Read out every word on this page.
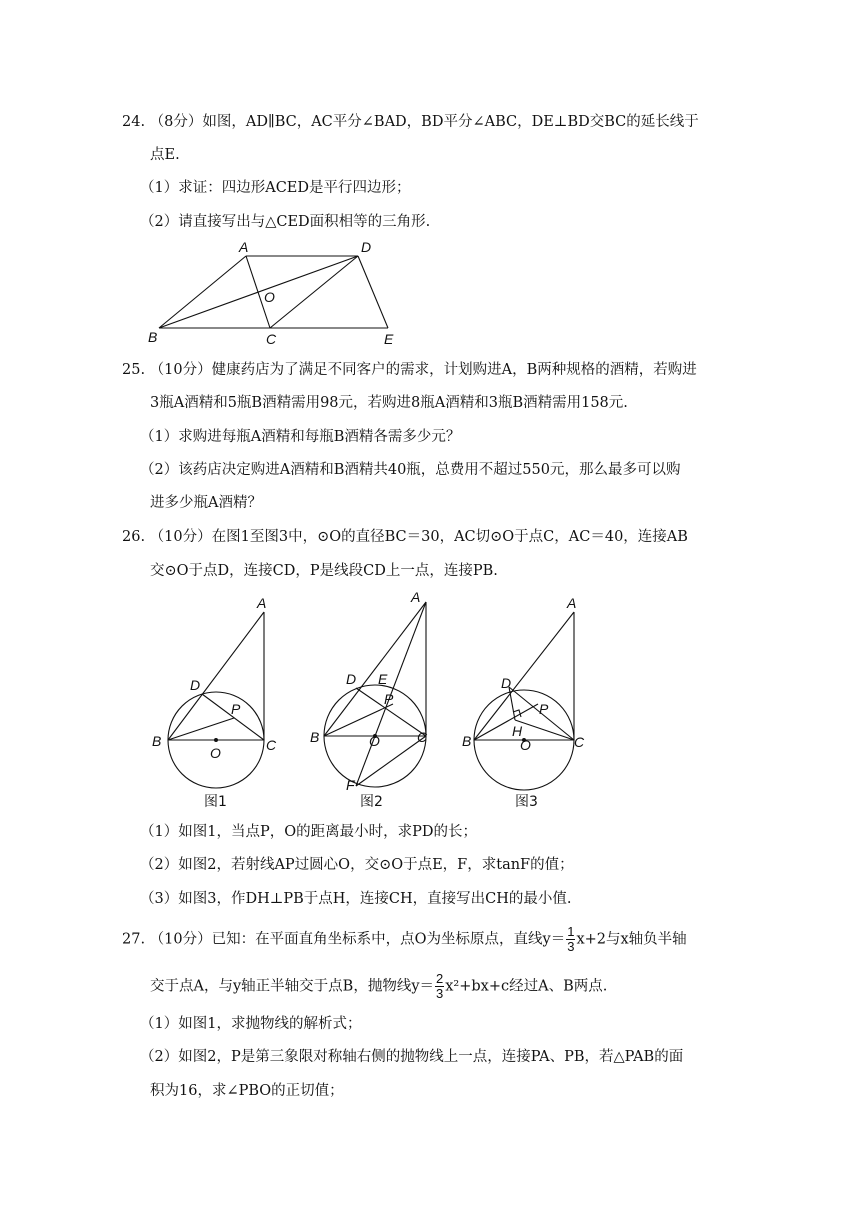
24. （8分）如图，AD∥BC，AC平分∠BAD，BD平分∠ABC，DE⊥BD交BC的延长线于
点E.
（1）求证：四边形ACED是平行四边形；
（2）请直接写出与△CED面积相等的三角形.
A	D
O
B	C	E
25. （10分）健康药店为了满足不同客户的需求，计划购进A，B两种规格的酒精，若购进
3瓶A酒精和5瓶B酒精需用98元，若购进8瓶A酒精和3瓶B酒精需用158元.
（1）求购进每瓶A酒精和每瓶B酒精各需多少元？
（2）该药店决定购进A酒精和B酒精共40瓶，总费用不超过550元，那么最多可以购
进多少瓶A酒精？
26. （10分）在图1至图3中，⊙O的直径BC＝30，AC切⊙O于点C，AC＝40，连接AB
交⊙O于点D，连接CD，P是线段CD上一点，连接PB.
A
D
P
B
O	C
图1
A
D E
P
B	O	C
F
图2
A
D
P
H
B	O	C
图3
（1）如图1，当点P，O的距离最小时，求PD的长；
（2）如图2，若射线AP过圆心O，交⊙O于点E，F，求tanF的值；
（3）如图3，作DH⊥PB于点H，连接CH，直接写出CH的最小值.
27. （10分）已知：在平面直角坐标系中，点O为坐标原点，直线$y= \frac{1}{3} x+2$与x轴负半轴
交于点A，与y轴正半轴交于点B，抛物线$y= \frac{2}{3} x^2+bx+c$经过A、B两点.
（1）如图1，求抛物线的解析式；
（2）如图2，P是第三象限对称轴右侧的抛物线上一点，连接PA、PB，若△PAB的面
积为16，求∠PBO的正切值；
